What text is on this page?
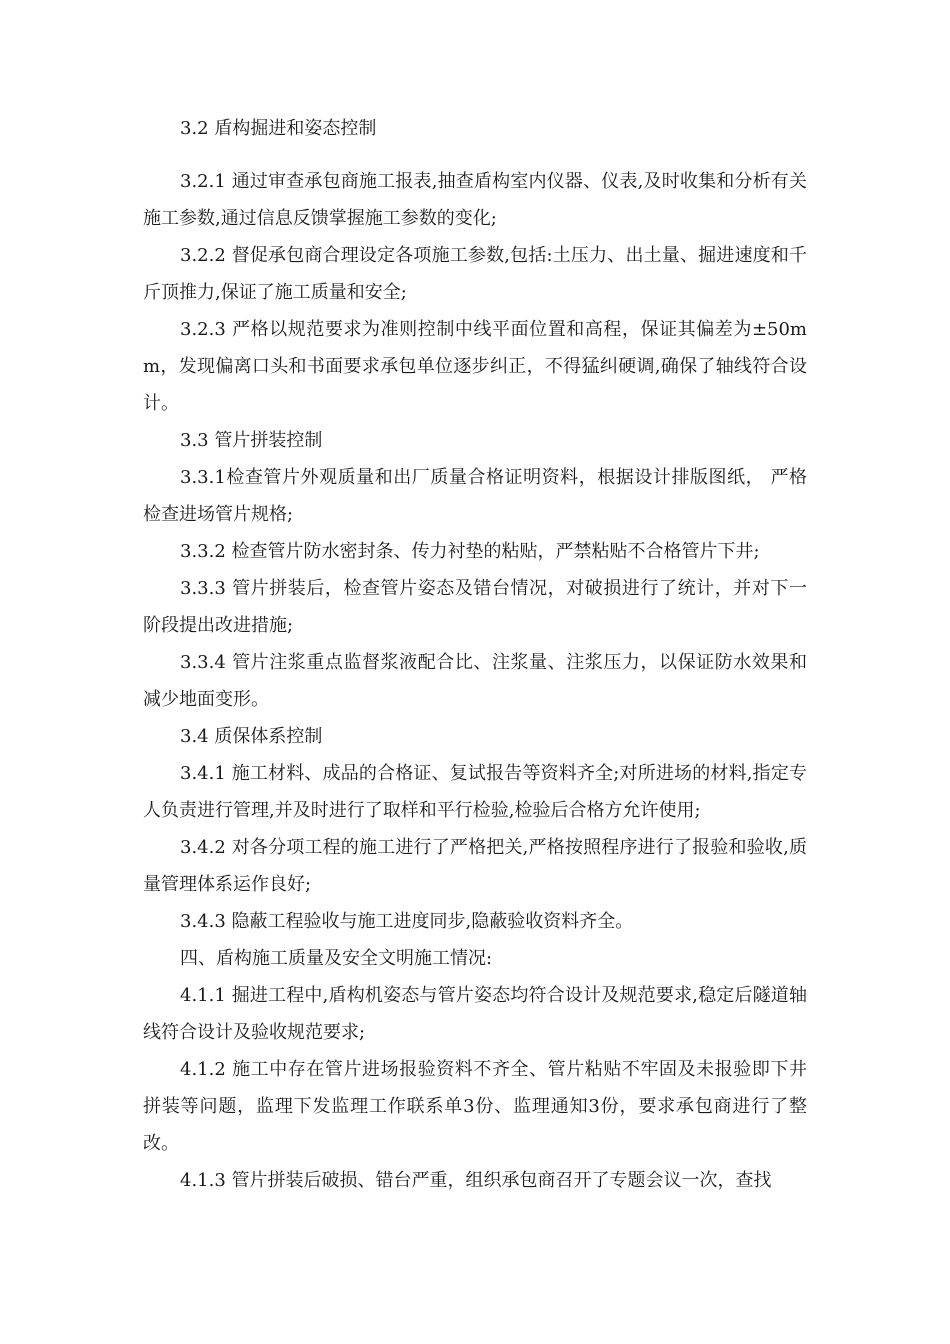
3.2 盾构掘进和姿态控制

3.2.1 通过审查承包商施工报表,抽查盾构室内仪器、仪表,及时收集和分析有关施工参数,通过信息反馈掌握施工参数的变化;

3.2.2 督促承包商合理设定各项施工参数,包括:土压力、出土量、掘进速度和千斤顶推力,保证了施工质量和安全;

3.2.3 严格以规范要求为准则控制中线平面位置和高程，保证其偏差为±50mm，发现偏离口头和书面要求承包单位逐步纠正，不得猛纠硬调,确保了轴线符合设计。

3.3 管片拼装控制

3.3.1检查管片外观质量和出厂质量合格证明资料，根据设计排版图纸， 严格检查进场管片规格;

3.3.2 检查管片防水密封条、传力衬垫的粘贴，严禁粘贴不合格管片下井;

3.3.3 管片拼装后，检查管片姿态及错台情况，对破损进行了统计，并对下一阶段提出改进措施;

3.3.4 管片注浆重点监督浆液配合比、注浆量、注浆压力，以保证防水效果和减少地面变形。

3.4 质保体系控制

3.4.1 施工材料、成品的合格证、复试报告等资料齐全;对所进场的材料,指定专人负责进行管理,并及时进行了取样和平行检验,检验后合格方允许使用;

3.4.2 对各分项工程的施工进行了严格把关,严格按照程序进行了报验和验收,质量管理体系运作良好;

3.4.3 隐蔽工程验收与施工进度同步,隐蔽验收资料齐全。

四、盾构施工质量及安全文明施工情况:

4.1.1 掘进工程中,盾构机姿态与管片姿态均符合设计及规范要求,稳定后隧道轴线符合设计及验收规范要求;

4.1.2 施工中存在管片进场报验资料不齐全、管片粘贴不牢固及未报验即下井拼装等问题，监理下发监理工作联系单3份、监理通知3份，要求承包商进行了整改。

4.1.3 管片拼装后破损、错台严重，组织承包商召开了专题会议一次，查找
